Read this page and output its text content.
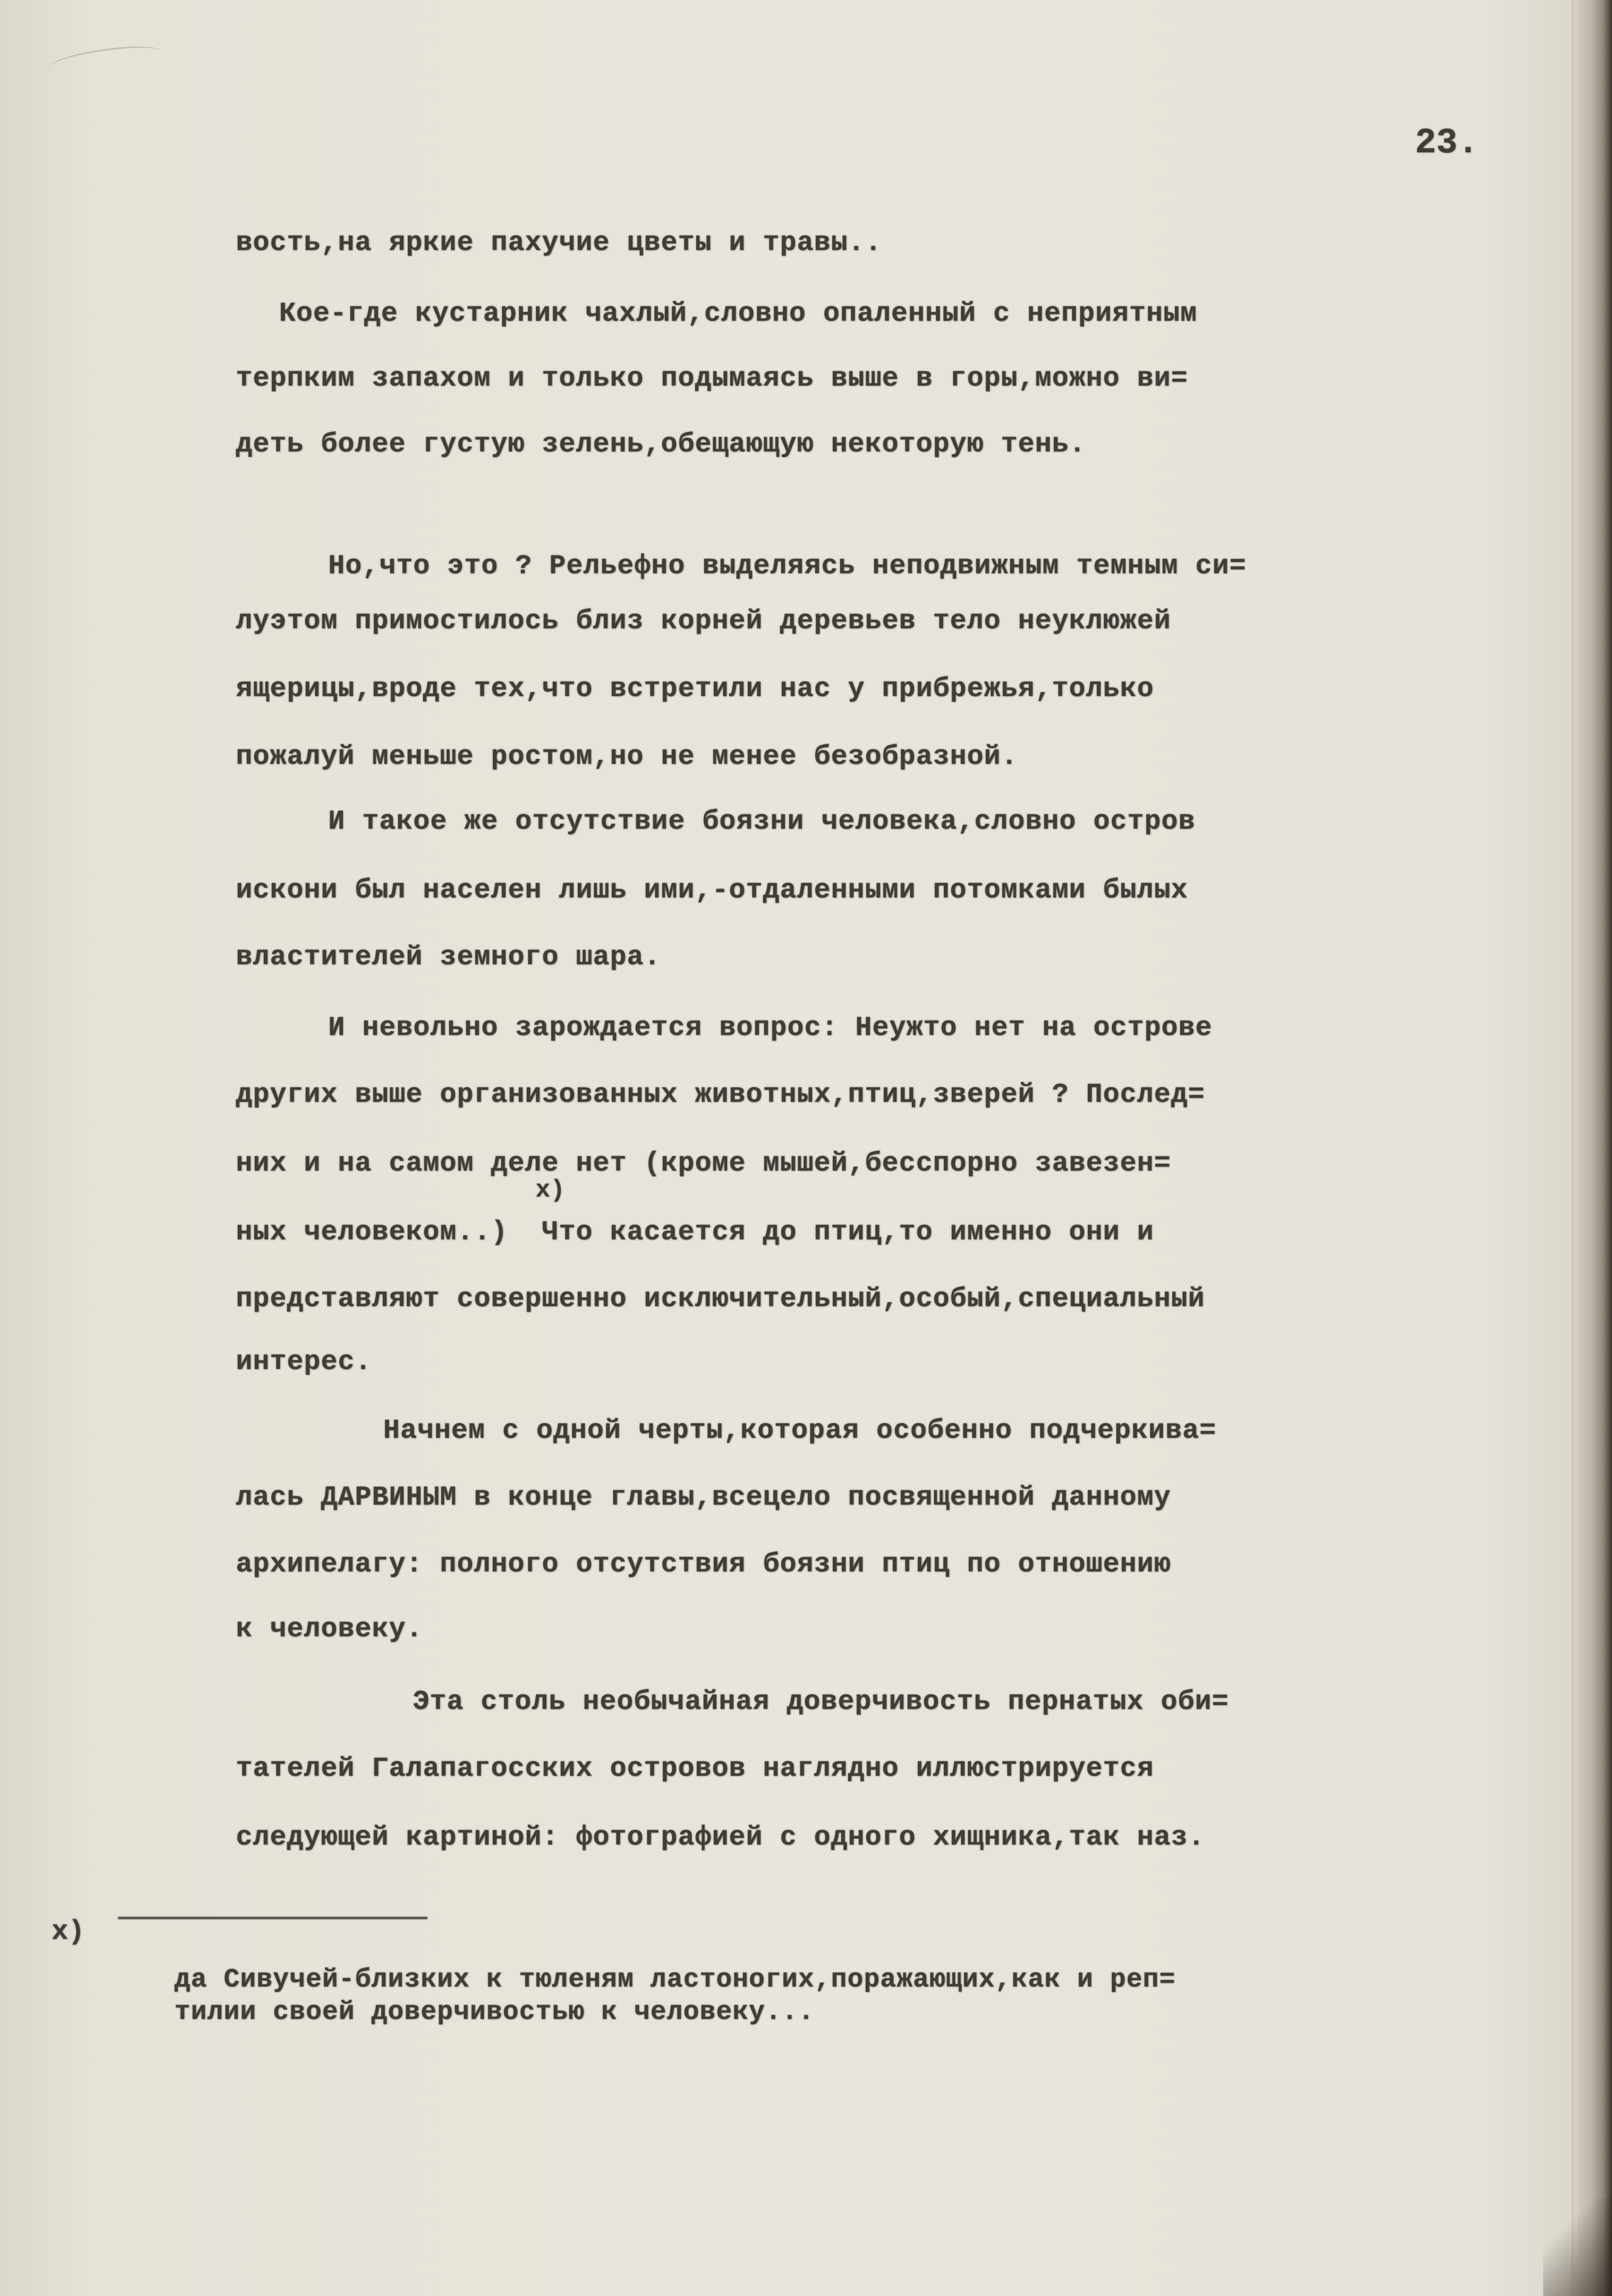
23.
вость,на яркие пахучие цветы и травы..
Кое-где кустарник чахлый,словно опаленный с неприятным
терпким запахом и только подымаясь выше в горы,можно ви=
деть более густую зелень,обещающую некоторую тень.
Но,что это ? Рельефно выделяясь неподвижным темным си=
луэтом примостилось близ корней деревьев тело неуклюжей
ящерицы,вроде тех,что встретили нас у прибрежья,только
пожалуй меньше ростом,но не менее безобразной.
И такое же отсутствие боязни человека,словно остров
искони был населен лишь ими,-отдаленными потомками былых
властителей земного шара.
И невольно зарождается вопрос: Неужто нет на острове
других выше организованных животных,птиц,зверей ? Послед=
них и на самом деле нет (кроме мышей,бесспорно завезен=
x)
ных человеком..)  Что касается до птиц,то именно они и
представляют совершенно исключительный,особый,специальный
интерес.
Начнем с одной черты,которая особенно подчеркива=
лась ДАРВИНЫМ в конце главы,всецело посвященной данному
архипелагу: полного отсутствия боязни птиц по отношению
к человеку.
Эта столь необычайная доверчивость пернатых оби=
тателей Галапагосских островов наглядно иллюстрируется
следующей картиной: фотографией с одного хищника,так наз.
x)
да Сивучей-близких к тюленям ластоногих,поражающих,как и реп=
тилии своей доверчивостью к человеку...
